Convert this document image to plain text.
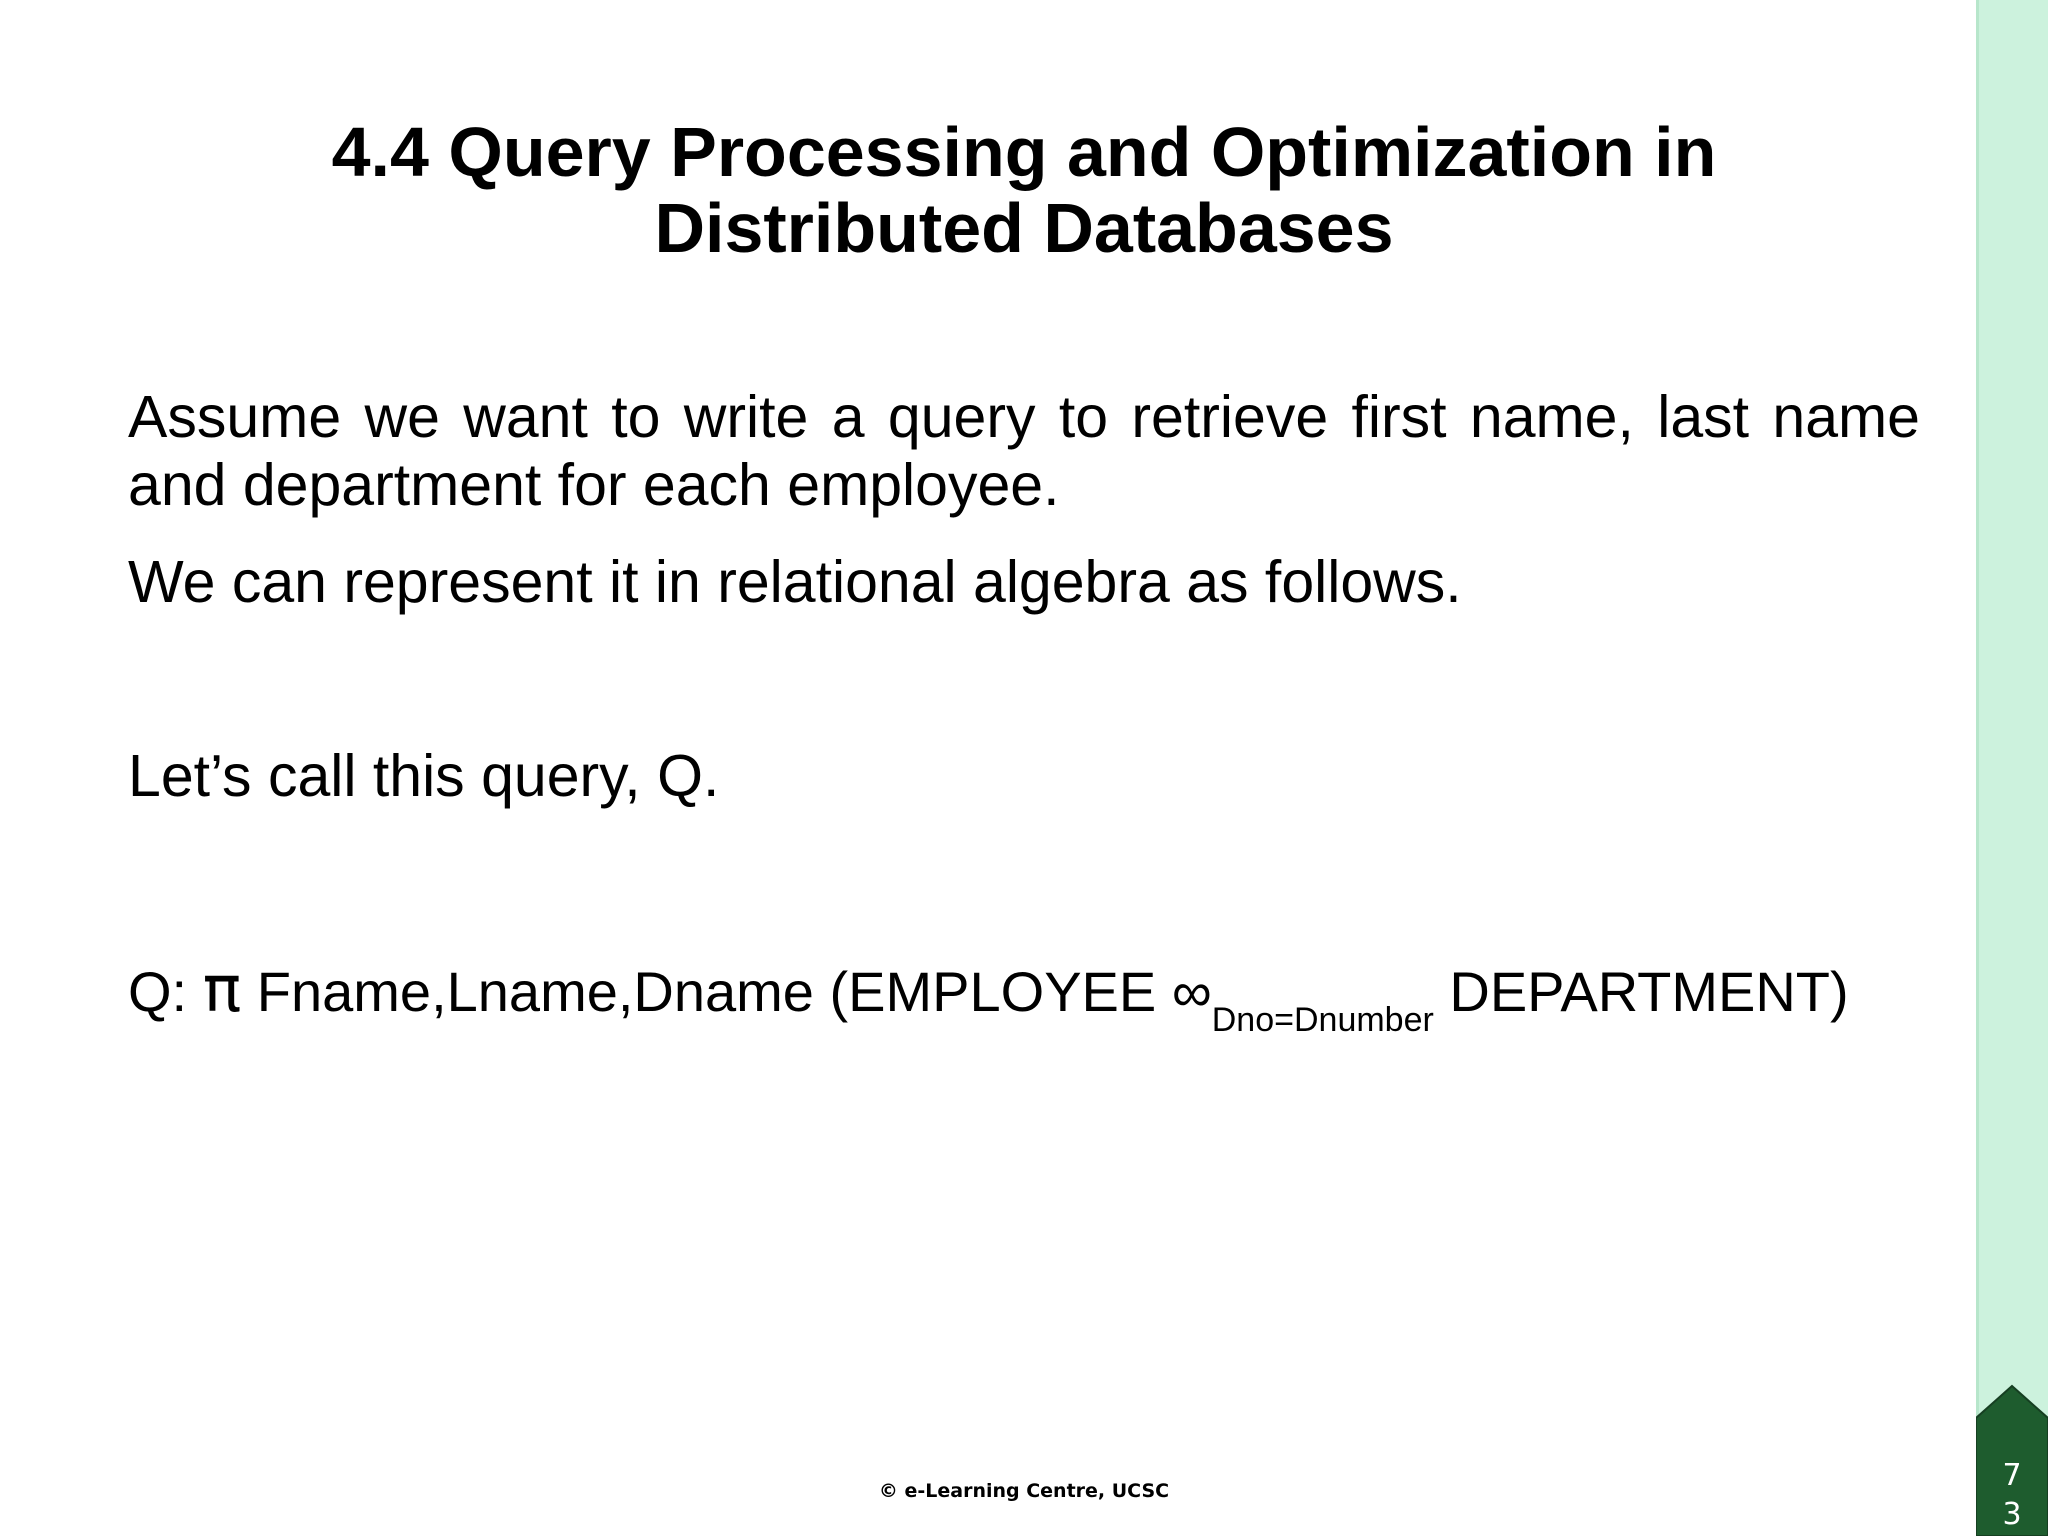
4.4 Query Processing and Optimization in
Distributed Databases
Assume we want to write a query to retrieve first name, last name and department for each employee.
We can represent it in relational algebra as follows.
Let’s call this query, Q.
Q: π Fname,Lname,Dname (EMPLOYEE $\infty_{Dno=Dnumber}$ DEPARTMENT)
© e-Learning Centre, UCSC	7
3
